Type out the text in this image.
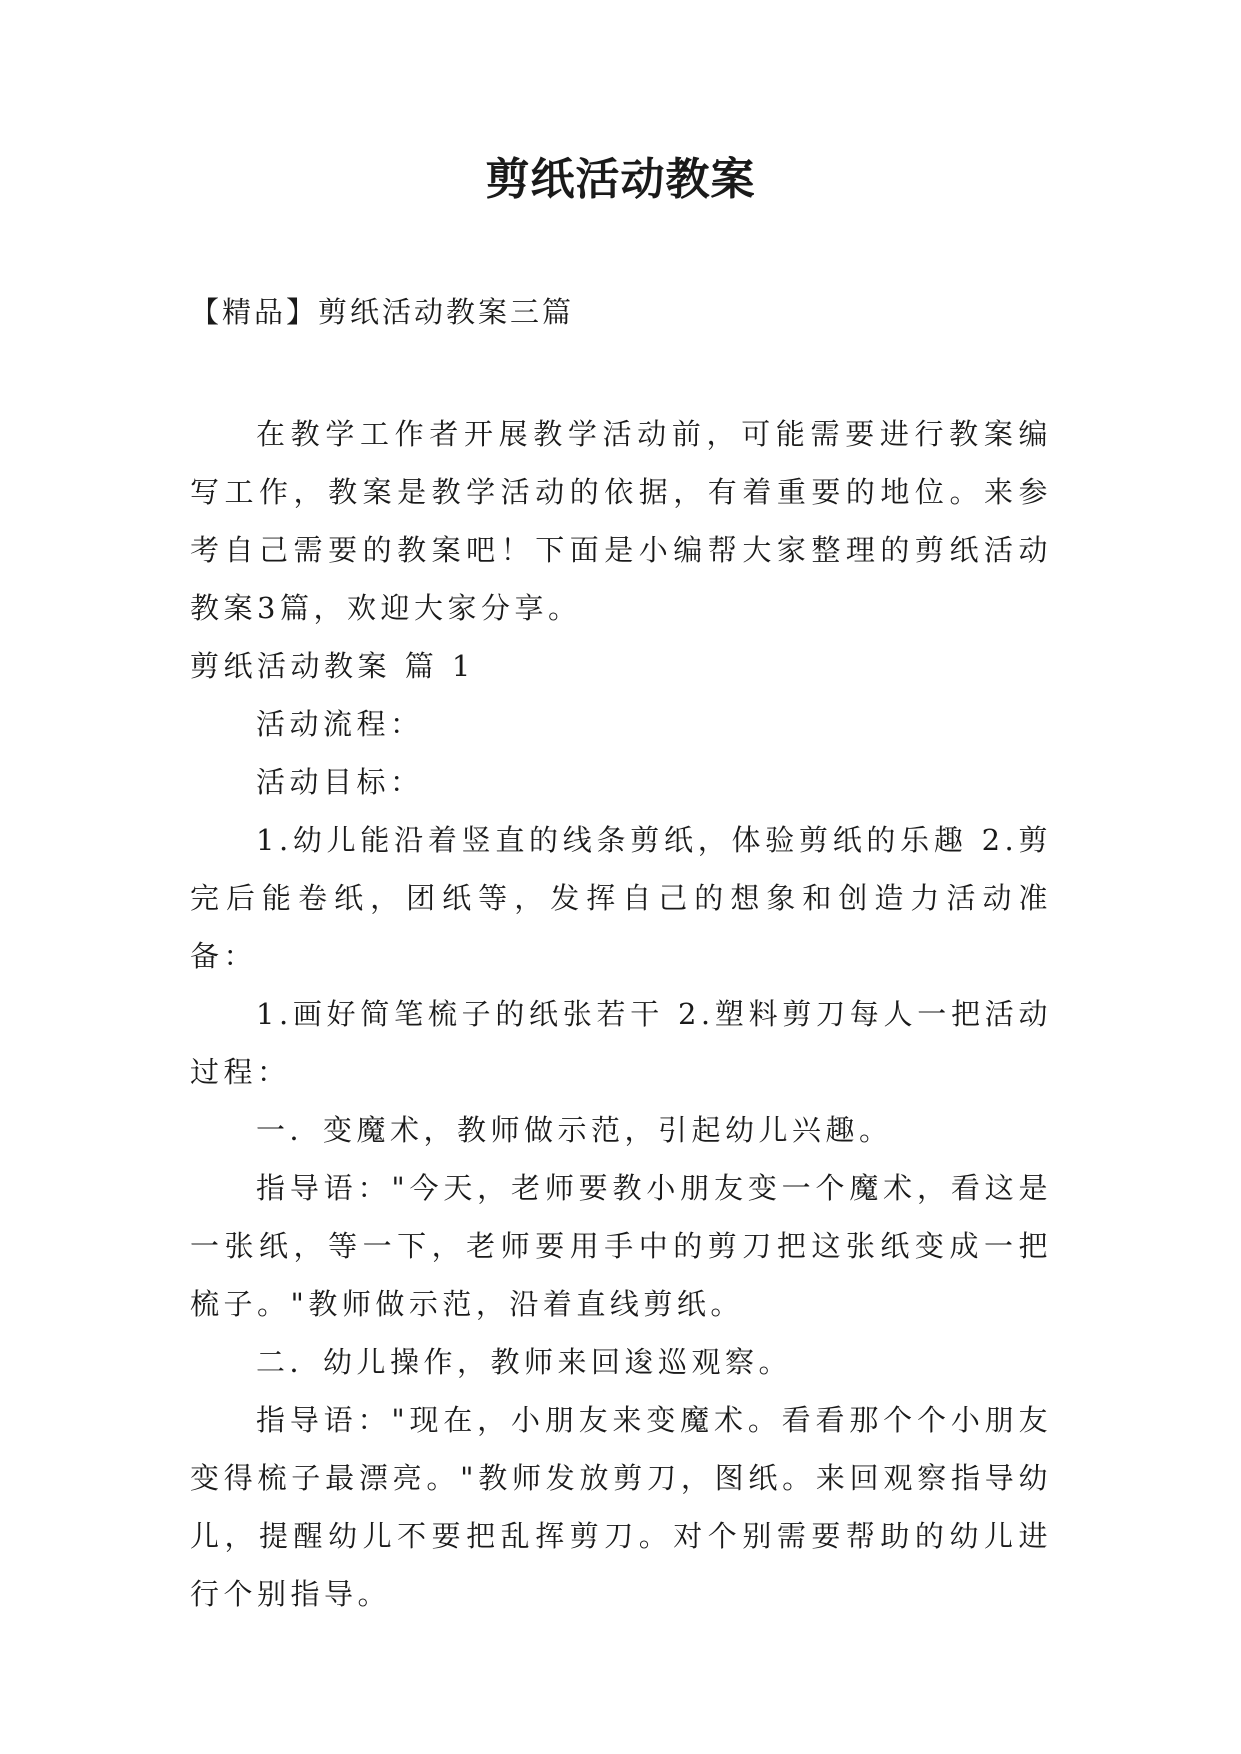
剪纸活动教案
【精品】剪纸活动教案三篇

在教学工作者开展教学活动前，可能需要进行教案编写工作，教案是教学活动的依据，有着重要的地位。来参考自己需要的教案吧！下面是小编帮大家整理的剪纸活动教案3篇，欢迎大家分享。

剪纸活动教案 篇 1

活动流程：

活动目标：

1.幼儿能沿着竖直的线条剪纸，体验剪纸的乐趣 2.剪完后能卷纸，团纸等，发挥自己的想象和创造力活动准备：

1.画好简笔梳子的纸张若干 2.塑料剪刀每人一把活动过程：

一．变魔术，教师做示范，引起幼儿兴趣。

指导语："今天，老师要教小朋友变一个魔术，看这是一张纸，等一下，老师要用手中的剪刀把这张纸变成一把梳子。"教师做示范，沿着直线剪纸。

二．幼儿操作，教师来回逡巡观察。

指导语："现在，小朋友来变魔术。看看那个个小朋友变得梳子最漂亮。"教师发放剪刀，图纸。来回观察指导幼儿，提醒幼儿不要把乱挥剪刀。对个别需要帮助的幼儿进行个别指导。
